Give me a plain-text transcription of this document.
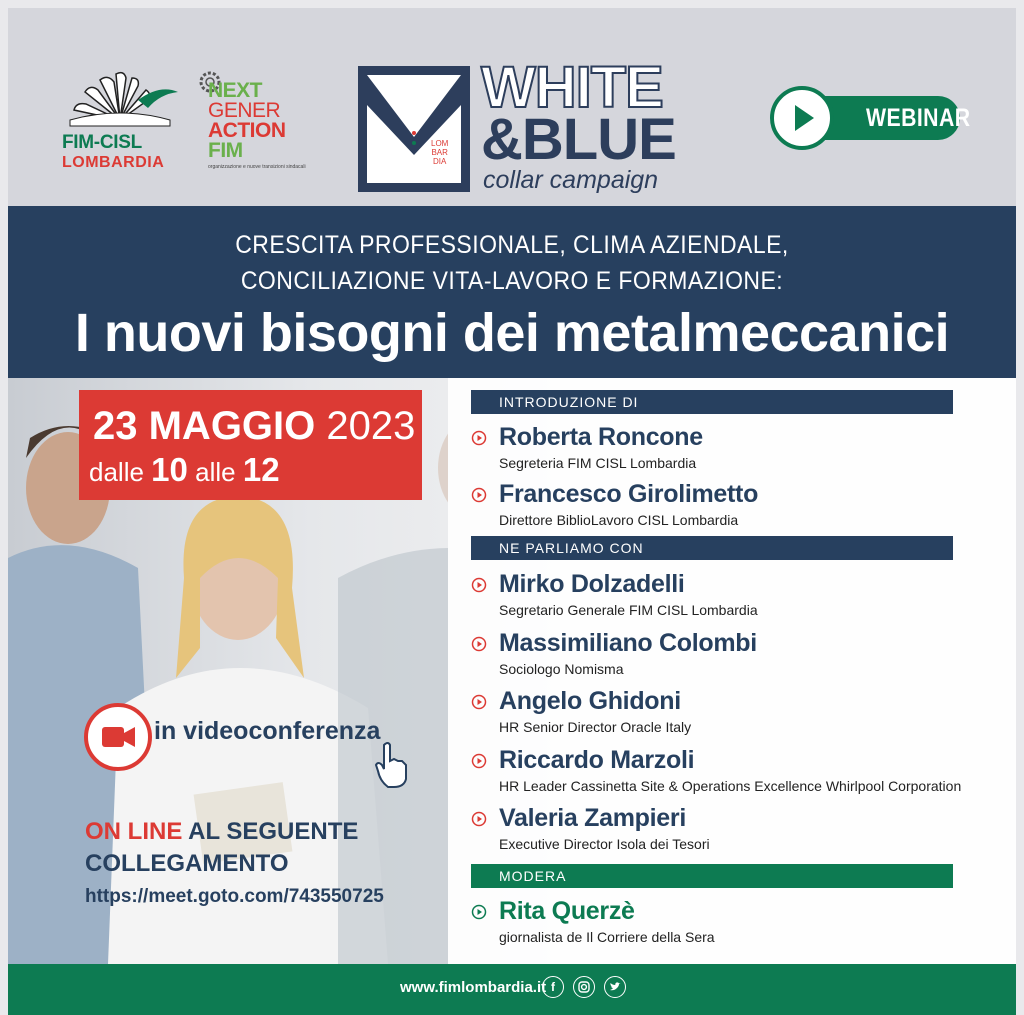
FIM-CISL
LOMBARDIA
NEXT
GENER
ACTION
FIM
organizzazione e nuove transizioni sindacali
LOM
BAR
DIA
WHITE
&BLUE
collar campaign
WEBINAR
CRESCITA PROFESSIONALE, CLIMA AZIENDALE,
CONCILIAZIONE VITA-LAVORO E FORMAZIONE:
I nuovi bisogni dei metalmeccanici
23 MAGGIO 2023
dalle 10 alle 12
in videoconferenza
ON LINE AL SEGUENTE
COLLEGAMENTO
https://meet.goto.com/743550725
INTRODUZIONE DI
Roberta Roncone
Segreteria FIM CISL Lombardia
Francesco Girolimetto
Direttore BiblioLavoro CISL Lombardia
NE PARLIAMO CON
Mirko Dolzadelli
Segretario Generale FIM CISL Lombardia
Massimiliano Colombi
Sociologo Nomisma
Angelo Ghidoni
HR Senior Director Oracle Italy
Riccardo Marzoli
HR Leader Cassinetta Site & Operations Excellence Whirlpool Corporation
Valeria Zampieri
Executive Director Isola dei Tesori
MODERA
Rita Querzè
giornalista de Il Corriere della Sera
www.fimlombardia.it f
